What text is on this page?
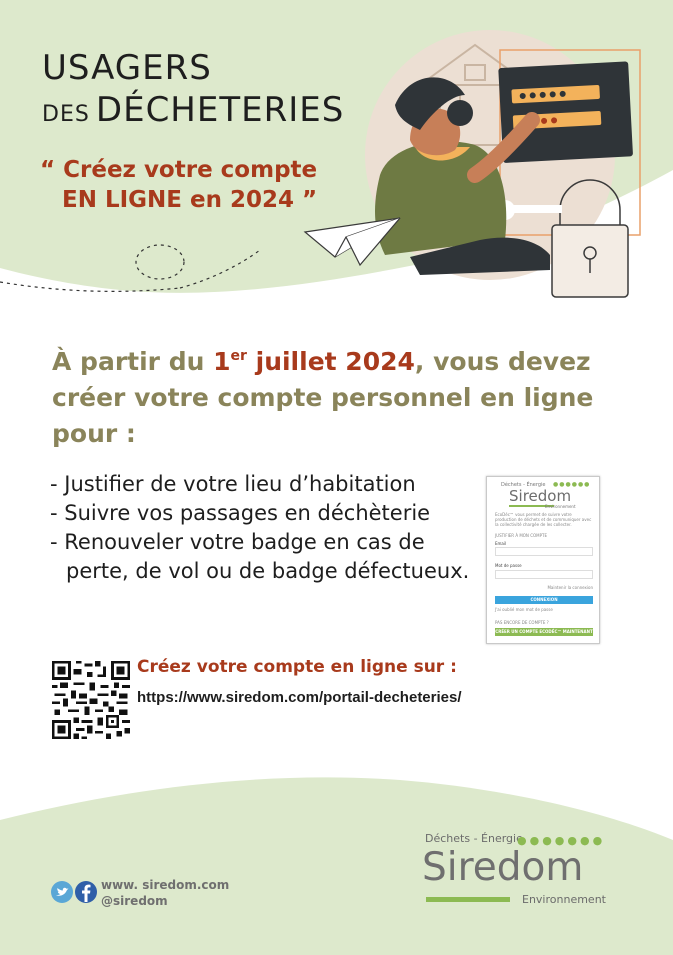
USAGERS
DES DÉCHETERIES
“ Créez votre compte
EN LIGNE en 2024 ”
À partir du 1er juillet 2024, vous devez créer votre compte personnel en ligne pour :
- Justifier de votre lieu d’habitation
- Suivre vos passages en déchèterie
- Renouveler votre badge en cas de perte, de vol ou de badge défectueux.
Déchets - Énergie ●●●●●●
Siredom
Environnement
EcoDéc™ vous permet de suivre votre production de déchets et de communiquer avec la collectivité chargée de les collecter.
JUSTIFIER À MON COMPTE
Email
Mot de passe
Maintenir la connexion
CONNEXION
J'ai oublié mon mot de passe
PAS ENCORE DE COMPTE ?
CRÉER UN COMPTE ECODÉC™ MAINTENANT
Créez votre compte en ligne sur :
https://www.siredom.com/portail-decheteries/
www. siredom.com
@siredom
Déchets - Énergie
●●●●●●●
Siredom
Environnement
